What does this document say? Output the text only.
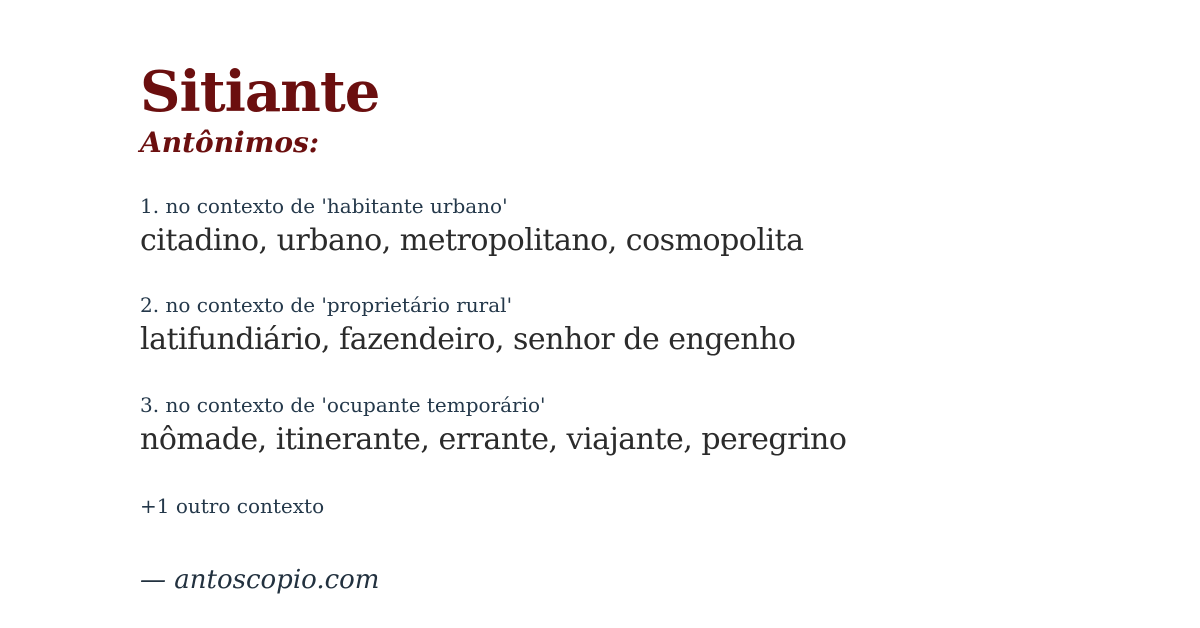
Sitiante
Antônimos:
1. no contexto de 'habitante urbano'
citadino, urbano, metropolitano, cosmopolita
2. no contexto de 'proprietário rural'
latifundiário, fazendeiro, senhor de engenho
3. no contexto de 'ocupante temporário'
nômade, itinerante, errante, viajante, peregrino
+1 outro contexto
— antoscopio.com
